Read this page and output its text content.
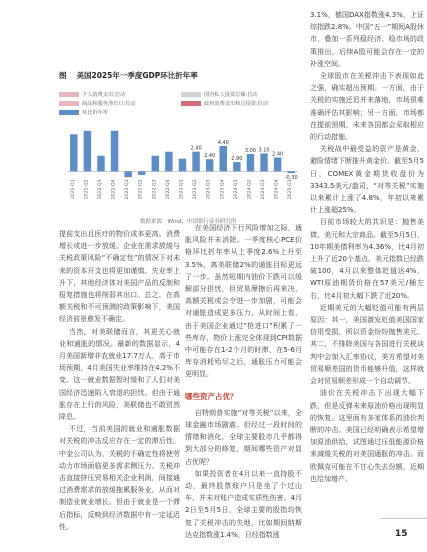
图 美国2025年一季度GDP环比折年率
个人消费支出:拉动	国内私人投资总额:拉动
商品和服务净出口:拉动	政府消费支出和总投资:拉动
环比折年率
2021-Q1 2021-Q2 2021-Q3 2021-Q4 2022-Q1 2022-Q2 2022-Q3 2022-Q4 2023-Q1 2023-Q2 2023-Q3 2023-Q4 2024-Q1 2024-Q2 2024-Q3 2024-Q4 2025-Q1
2.40
2.40
4.40
2.90
3.00 3.10
2.40
-0.30
数据来源：Wind，中国银行证券研究所

提前支出且医疗的物价成本更高。消费增长或进一步放缓。企业在需求放缓与关税政策风险“不确定性”的情况下对未来的资本开支也将更加谨慎。失业率上升下，其他经济体对美国产品的反制和报复措施也将削弱其出口。总之，在高额关税和不可预测的政策影响下，美国经济前景愈发不确定。

当然，对美联储而言，其更关心就业和通胀的情况。最新的数据显示，4月美国新增非农就业17.7万人，高于市场预期，4月美国失业率维持在4.2%不变。这一就业数据暂时缓和了人们对美国经济迅速陷入衰退的担忧。但由于通胀存在上行的风险，美联储也不敢贸然降息。

不过，当前美国的就业和通胀数据对关税的冲击反应存在一定的滞后性。中金公司认为，关税的不确定性将使劳动力市场面临更多需求侧压力。关税冲击直接挤压贸易相关企业利润，间接通过消费需求的放缓拖累服务业，从而对制造业就业增长。但由于就业是一个滞后指标，反映到经济数据中有一定延迟性。

在美国经济下行风险增加之际，通胀风险并未消除。一季度核心PCE价格环比折年率从上季度2.6%上升至3.5%，离美联储2%的通胀目标更远了一步。虽然短期内油价下跌可以缓解部分担忧，但贸易摩擦后再来决，高额关税或会令进一步加剧，可能会对通胀造成更多压力。从时间上看，由于美国企业通过“抢进口”积累了一些库存，物价上涨完全体现到CPI数据中可能存在1-2个月的时滞，在5-6月库存消耗殆尽之后，通胀压力可能会更明显。

哪些资产占优？

自特朗普实施“对等关税”以来，全球金融市场剧震。但经过一段时间的情绪和消化，全球主要股市几乎都得到大部分的修复，期间哪些资产对显占优呢？

如果投资者在4月以来一直持股不动，最终股票账户只是坐了个过山车，并未对账户造成实质性伤害。4月2日至5月5日，全球主要的股指均恢复了关税冲击的失地，比如期间纳斯达克指数涨1.4%，日经指数涨

3.1%，德国DAX指数涨4.3%，上证综指跌2.8%。中国“五一”期间A股休市，叠加一系列稳经济、稳市场的政策推出，后续A股可能会存在一定的补涨空间。

全球股市在关税冲击下表现如此之强，确实超出预期。一方面，由于关税的实施还迟并来落地，市场很难准确评估其影响；另一方面，市场都在提前预期，未来各国都会采取相应的行动措施。

关税战中最受益的资产是黄金，避险情绪下断推升黄金价。截至5月5日，COMEX黄金期货收盘价为3343.5美元/盎司，“对等关税”实施以来累计上涨了4.8%，年初以来累计上涨超25%。

目前市场较大的共识是：抛售美债、美元和大宗商品。截至5月5日，10年期美债利率为4.36%，比4月初上升了近20个基点。美元指数已经跌破100，4月以来整体贬值达4%。WTI原油期货价格在57美元/桶左右，比4月初大幅下跌了近20%。

近期美元的大幅贬值可能有两层原因：其一，美国激发贬值美国国家信用受损，所以资金纷纷抛售美元。其二，不排除美国与各国进行关税谈判中会加入汇率协议，美方希望对美贸易顺差国的货币能够升值，这样就会对贸易顺差形成一个自动调节。

油价在关税冲击下出现大幅下跌，但是反弹未来原油价格出现明显的恢复。这里面有多家体系的油价判断的冲击。美国已经明确表示希望增加原油供给，试图通过压低能源价格来减缓关税的对美国通胀的冲击。而欧佩克可能在不甘心失去份额，近期也给加增产。

15
